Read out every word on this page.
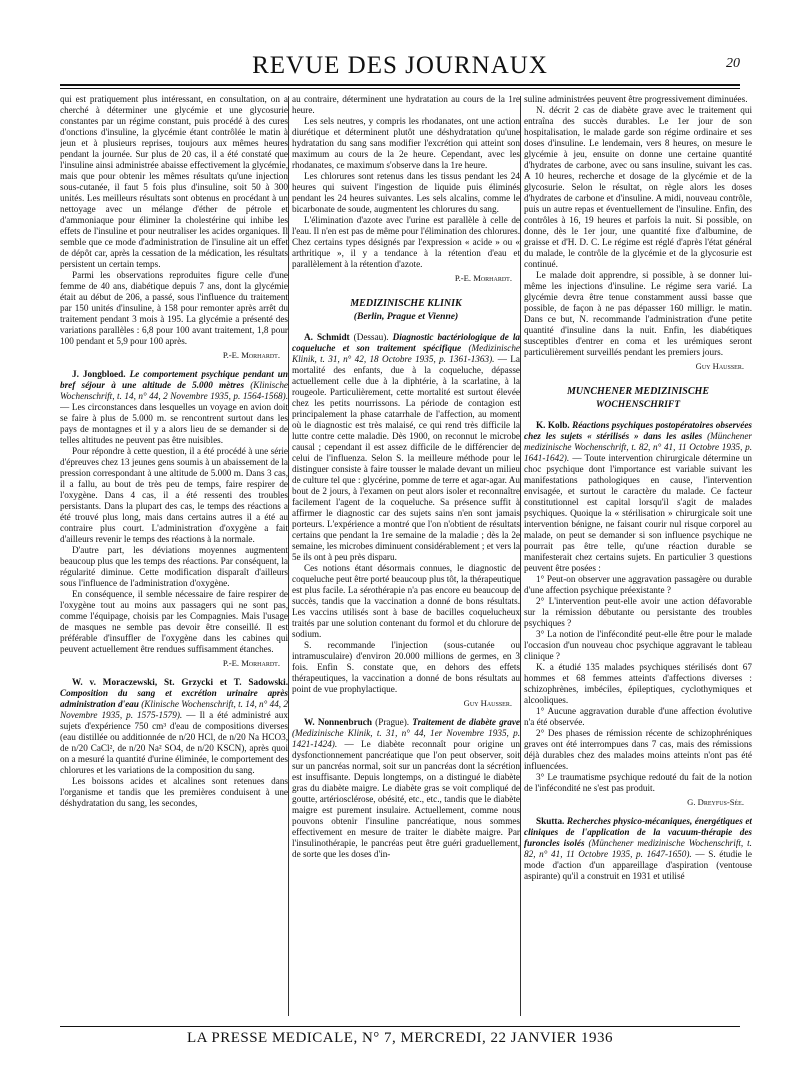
REVUE DES JOURNAUX	20

qui est pratiquement plus intéressant, en consultation, on a cherché à déterminer une glycémie et une glycosurie constantes par un régime constant, puis procédé à des cures d'onctions d'insuline, la glycémie étant contrôlée le matin à jeun et à plusieurs reprises, toujours aux mêmes heures pendant la journée. Sur plus de 20 cas, il a été constaté que l'insuline ainsi administrée abaisse effectivement la glycémie, mais que pour obtenir les mêmes résultats qu'une injection sous-cutanée, il faut 5 fois plus d'insuline, soit 50 à 300 unités. Les meilleurs résultats sont obtenus en procédant à un nettoyage avec un mélange d'éther de pétrole et d'ammoniaque pour éliminer la cholestérine qui inhibe les effets de l'insuline et pour neutraliser les acides organiques. Il semble que ce mode d'administration de l'insuline ait un effet de dépôt car, après la cessation de la médication, les résultats persistent un certain temps.

Parmi les observations reproduites figure celle d'une femme de 40 ans, diabétique depuis 7 ans, dont la glycémie était au début de 206, a passé, sous l'influence du traitement par 150 unités d'insuline, à 158 pour remonter après arrêt du traitement pendant 3 mois à 195. La glycémie a présenté des variations parallèles : 6,8 pour 100 avant traitement, 1,8 pour 100 pendant et 5,9 pour 100 après.

P.-E. Morhardt.

J. Jongbloed. Le comportement psychique pendant un bref séjour à une altitude de 5.000 mètres (Klinische Wochenschrift, t. 14, n° 44, 2 Novembre 1935, p. 1564-1568). — Les circonstances dans lesquelles un voyage en avion doit se faire à plus de 5.000 m. se rencontrent surtout dans les pays de montagnes et il y a alors lieu de se demander si de telles altitudes ne peuvent pas être nuisibles.

Pour répondre à cette question, il a été procédé à une série d'épreuves chez 13 jeunes gens soumis à un abaissement de la pression correspondant à une altitude de 5.000 m. Dans 3 cas, il a fallu, au bout de très peu de temps, faire respirer de l'oxygène. Dans 4 cas, il a été ressenti des troubles persistants. Dans la plupart des cas, le temps des réactions a été trouvé plus long, mais dans certains autres il a été au contraire plus court. L'administration d'oxygène a fait d'ailleurs revenir le temps des réactions à la normale.

D'autre part, les déviations moyennes augmentent beaucoup plus que les temps des réactions. Par conséquent, la régularité diminue. Cette modification disparaît d'ailleurs sous l'influence de l'administration d'oxygène.

En conséquence, il semble nécessaire de faire respirer de l'oxygène tout au moins aux passagers qui ne sont pas, comme l'équipage, choisis par les Compagnies. Mais l'usage de masques ne semble pas devoir être conseillé. Il est préférable d'insuffler de l'oxygène dans les cabines qui peuvent actuellement être rendues suffisamment étanches.

P.-E. Morhardt.

W. v. Moraczewski, St. Grzycki et T. Sadowski. Composition du sang et excrétion urinaire après administration d'eau (Klinische Wochenschrift, t. 14, n° 44, 2 Novembre 1935, p. 1575-1579). — Il a été administré aux sujets d'expérience 750 cm³ d'eau de compositions diverses (eau distillée ou additionnée de n/20 HCl, de n/20 Na HCO3, de n/20 CaCl², de n/20 Na² SO4, de n/20 KSCN), après quoi on a mesuré la quantité d'urine éliminée, le comportement des chlorures et les variations de la composition du sang.

Les boissons acides et alcalines sont retenues dans l'organisme et tandis que les premières conduisent à une déshydratation du sang, les secondes,

au contraire, déterminent une hydratation au cours de la 1re heure.

Les sels neutres, y compris les rhodanates, ont une action diurétique et déterminent plutôt une déshydratation qu'une hydratation du sang sans modifier l'excrétion qui atteint son maximum au cours de la 2e heure. Cependant, avec les rhodanates, ce maximum s'observe dans la 1re heure.

Les chlorures sont retenus dans les tissus pendant les 24 heures qui suivent l'ingestion de liquide puis éliminés pendant les 24 heures suivantes. Les sels alcalins, comme le bicarbonate de soude, augmentent les chlorures du sang.

L'élimination d'azote avec l'urine est parallèle à celle de l'eau. Il n'en est pas de même pour l'élimination des chlorures. Chez certains types désignés par l'expression « acide » ou « arthritique », il y a tendance à la rétention d'eau et parallèlement à la rétention d'azote.

P.-E. Morhardt.
MEDIZINISCHE KLINIK
(Berlin, Prague et Vienne)

A. Schmidt (Dessau). Diagnostic bactériologique de la coqueluche et son traitement spécifique (Medizinische Klinik, t. 31, n° 42, 18 Octobre 1935, p. 1361-1363). — La mortalité des enfants, due à la coqueluche, dépasse actuellement celle due à la diphtérie, à la scarlatine, à la rougeole. Particulièrement, cette mortalité est surtout élevée chez les petits nourrissons. La période de contagion est principalement la phase catarrhale de l'affection, au moment où le diagnostic est très malaisé, ce qui rend très difficile la lutte contre cette maladie. Dès 1900, on reconnut le microbe causal ; cependant il est assez difficile de le différencier de celui de l'influenza. Selon S. la meilleure méthode pour le distinguer consiste à faire tousser le malade devant un milieu de culture tel que : glycérine, pomme de terre et agar-agar. Au bout de 2 jours, à l'examen on peut alors isoler et reconnaître facilement l'agent de la coqueluche. Sa présence suffit à affirmer le diagnostic car des sujets sains n'en sont jamais porteurs. L'expérience a montré que l'on n'obtient de résultats certains que pendant la 1re semaine de la maladie ; dès la 2e semaine, les microbes diminuent considérablement ; et vers la 5e ils ont à peu près disparu.

Ces notions étant désormais connues, le diagnostic de coqueluche peut être porté beaucoup plus tôt, la thérapeutique est plus facile. La sérothérapie n'a pas encore eu beaucoup de succès, tandis que la vaccination a donné de bons résultats. Les vaccins utilisés sont à base de bacilles coquelucheux traités par une solution contenant du formol et du chlorure de sodium.

S. recommande l'injection (sous-cutanée ou intramusculaire) d'environ 20.000 millions de germes, en 3 fois. Enfin S. constate que, en dehors des effets thérapeutiques, la vaccination a donné de bons résultats au point de vue prophylactique.

Guy Hausser.

W. Nonnenbruch (Prague). Traitement de diabète grave (Medizinische Klinik, t. 31, n° 44, 1er Novembre 1935, p. 1421-1424). — Le diabète reconnaît pour origine un dysfonctionnement pancréatique que l'on peut observer, soit sur un pancréas normal, soit sur un pancréas dont la sécrétion est insuffisante. Depuis longtemps, on a distingué le diabète gras du diabète maigre. Le diabète gras se voit compliqué de goutte, artériosclérose, obésité, etc., etc., tandis que le diabète maigre est purement insulaire. Actuellement, comme nous pouvons obtenir l'insuline pancréatique, nous sommes effectivement en mesure de traiter le diabète maigre. Par l'insulinothérapie, le pancréas peut être guéri graduellement, de sorte que les doses d'in-

suline administrées peuvent être progressivement diminuées.

N. décrit 2 cas de diabète grave avec le traitement qui entraîna des succès durables. Le 1er jour de son hospitalisation, le malade garde son régime ordinaire et ses doses d'insuline. Le lendemain, vers 8 heures, on mesure le glycémie à jeu, ensuite on donne une certaine quantité d'hydrates de carbone, avec ou sans insuline, suivant les cas. A 10 heures, recherche et dosage de la glycémie et de la glycosurie. Selon le résultat, on règle alors les doses d'hydrates de carbone et d'insuline. A midi, nouveau contrôle, puis un autre repas et éventuellement de l'insuline. Enfin, des contrôles à 16, 19 heures et parfois la nuit. Si possible, on donne, dès le 1er jour, une quantité fixe d'albumine, de graisse et d'H. D. C. Le régime est réglé d'après l'état général du malade, le contrôle de la glycémie et de la glycosurie est continué.

Le malade doit apprendre, si possible, à se donner lui-même les injections d'insuline. Le régime sera varié. La glycémie devra être tenue constamment aussi basse que possible, de façon à ne pas dépasser 160 milligr. le matin. Dans ce but, N. recommande l'administration d'une petite quantité d'insuline dans la nuit. Enfin, les diabétiques susceptibles d'entrer en coma et les urémiques seront particulièrement surveillés pendant les premiers jours.

Guy Hausser.
MUNCHENER MEDIZINISCHE
WOCHENSCHRIFT

K. Kolb. Réactions psychiques postopératoires observées chez les sujets « stérilisés » dans les asiles (Münchener medizinische Wochenschrift, t. 82, n° 41, 11 Octobre 1935, p. 1641-1642). — Toute intervention chirurgicale détermine un choc psychique dont l'importance est variable suivant les manifestations pathologiques en cause, l'intervention envisagée, et surtout le caractère du malade. Ce facteur constitutionnel est capital lorsqu'il s'agit de malades psychiques. Quoique la « stérilisation » chirurgicale soit une intervention bénigne, ne faisant courir nul risque corporel au malade, on peut se demander si son influence psychique ne pourrait pas être telle, qu'une réaction durable se manifesterait chez certains sujets. En particulier 3 questions peuvent être posées :

1° Peut-on observer une aggravation passagère ou durable d'une affection psychique préexistante ?

2° L'intervention peut-elle avoir une action défavorable sur la rémission débutante ou persistante des troubles psychiques ?

3° La notion de l'infécondité peut-elle être pour le malade l'occasion d'un nouveau choc psychique aggravant le tableau clinique ?

K. a étudié 135 malades psychiques stérilisés dont 67 hommes et 68 femmes atteints d'affections diverses : schizophrènes, imbéciles, épileptiques, cyclothymiques et alcooliques.

1° Aucune aggravation durable d'une affection évolutive n'a été observée.

2° Des phases de rémission récente de schizophréniques graves ont été interrompues dans 7 cas, mais des rémissions déjà durables chez des malades moins atteints n'ont pas été influencées.

3° Le traumatisme psychique redouté du fait de la notion de l'infécondité ne s'est pas produit.

G. Dreyfus-Sée.

Skutta. Recherches physico-mécaniques, énergétiques et cliniques de l'application de la vacuum-thérapie des furoncles isolés (Münchener medizinische Wochenschrift, t. 82, n° 41, 11 Octobre 1935, p. 1647-1650). — S. étudie le mode d'action d'un appareillage d'aspiration (ventouse aspirante) qu'il a construit en 1931 et utilisé

LA PRESSE MEDICALE, N° 7, MERCREDI, 22 JANVIER 1936
